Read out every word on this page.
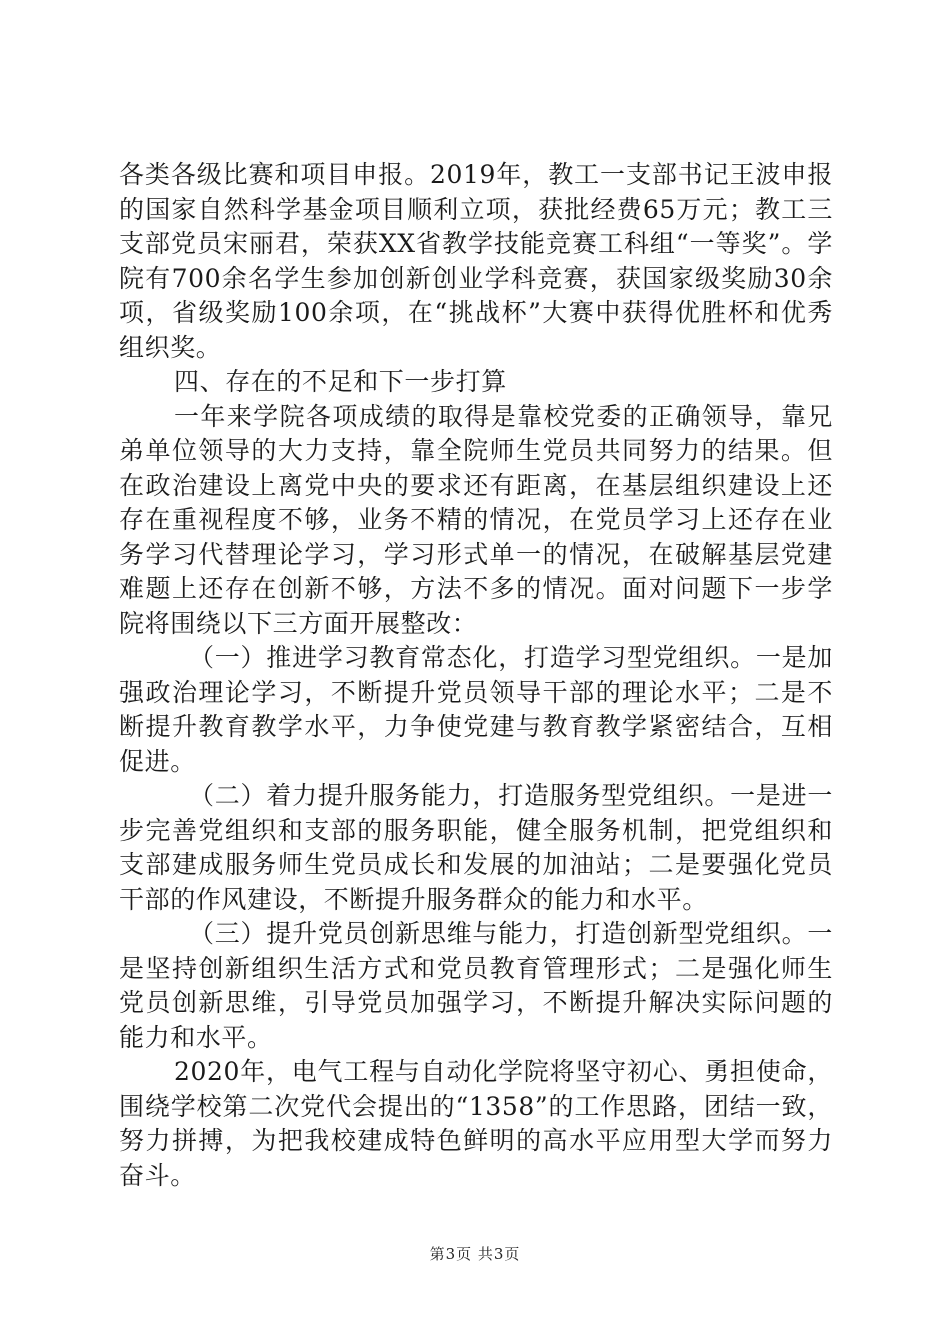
各类各级比赛和项目申报。2019年，教工一支部书记王波申报的国家自然科学基金项目顺利立项，获批经费65万元；教工三支部党员宋丽君，荣获XX省教学技能竞赛工科组“一等奖”。学院有700余名学生参加创新创业学科竞赛，获国家级奖励30余项，省级奖励100余项，在“挑战杯”大赛中获得优胜杯和优秀组织奖。

四、存在的不足和下一步打算

一年来学院各项成绩的取得是靠校党委的正确领导，靠兄弟单位领导的大力支持，靠全院师生党员共同努力的结果。但在政治建设上离党中央的要求还有距离，在基层组织建设上还存在重视程度不够，业务不精的情况，在党员学习上还存在业务学习代替理论学习，学习形式单一的情况，在破解基层党建难题上还存在创新不够，方法不多的情况。面对问题下一步学院将围绕以下三方面开展整改：

（一）推进学习教育常态化，打造学习型党组织。一是加强政治理论学习，不断提升党员领导干部的理论水平；二是不断提升教育教学水平，力争使党建与教育教学紧密结合，互相促进。

（二）着力提升服务能力，打造服务型党组织。一是进一步完善党组织和支部的服务职能，健全服务机制，把党组织和支部建成服务师生党员成长和发展的加油站；二是要强化党员干部的作风建设，不断提升服务群众的能力和水平。

（三）提升党员创新思维与能力，打造创新型党组织。一是坚持创新组织生活方式和党员教育管理形式；二是强化师生党员创新思维，引导党员加强学习，不断提升解决实际问题的能力和水平。

2020年，电气工程与自动化学院将坚守初心、勇担使命，围绕学校第二次党代会提出的“1358”的工作思路，团结一致，努力拼搏，为把我校建成特色鲜明的高水平应用型大学而努力奋斗。

第3页 共3页
